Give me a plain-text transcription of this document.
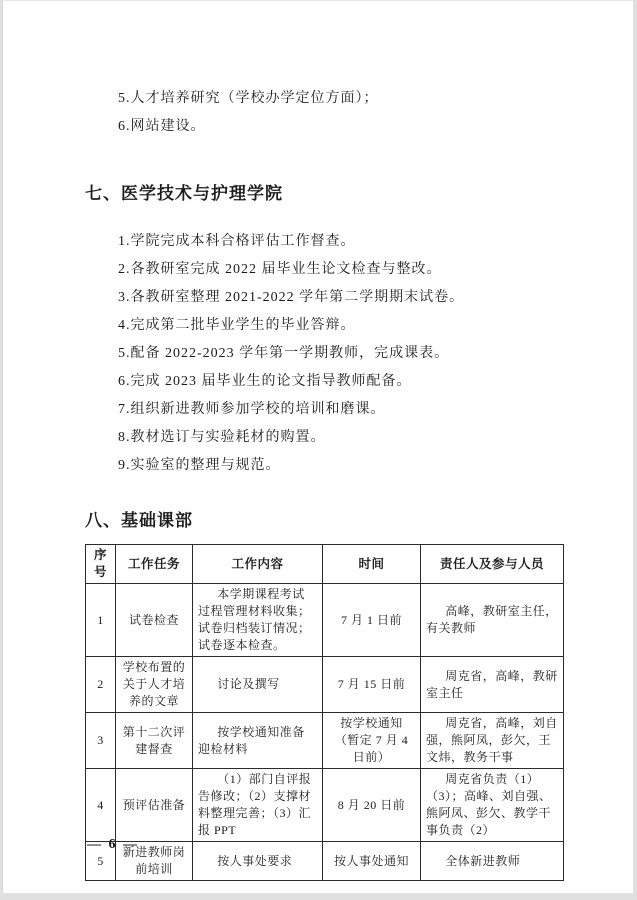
5.人才培养研究（学校办学定位方面）；
6.网站建设。
七、医学技术与护理学院
1.学院完成本科合格评估工作督查。
2.各教研室完成 2022 届毕业生论文检查与整改。
3.各教研室整理 2021-2022 学年第二学期期末试卷。
4.完成第二批毕业学生的毕业答辩。
5.配备 2022-2023 学年第一学期教师，完成课表。
6.完成 2023 届毕业生的论文指导教师配备。
7.组织新进教师参加学校的培训和磨课。
8.教材选订与实验耗材的购置。
9.实验室的整理与规范。
八、基础课部
序号	工作任务	工作内容	时间	责任人及参与人员
1	试卷检查	本学期课程考试过程管理材料收集；试卷归档装订情况；试卷逐本检查。	7 月 1 日前	高峰，教研室主任，有关教师
2	学校布置的关于人才培养的文章	讨论及撰写	7 月 15 日前	周克省，高峰，教研室主任
3	第十二次评建督查	按学校通知准备迎检材料	按学校通知（暂定 7 月 4 日前）	周克省，高峰，刘自强，熊阿凤，彭欠，王文炜，教务干事
4	预评估准备	（1）部门自评报告修改；（2）支撑材料整理完善；（3）汇报 PPT	8 月 20 日前	周克省负责（1）（3）；高峰、刘自强、熊阿凤、彭欠、教学干事负责（2）
5	新进教师岗前培训	按人事处要求	按人事处通知	全体新进教师
— 6 —
